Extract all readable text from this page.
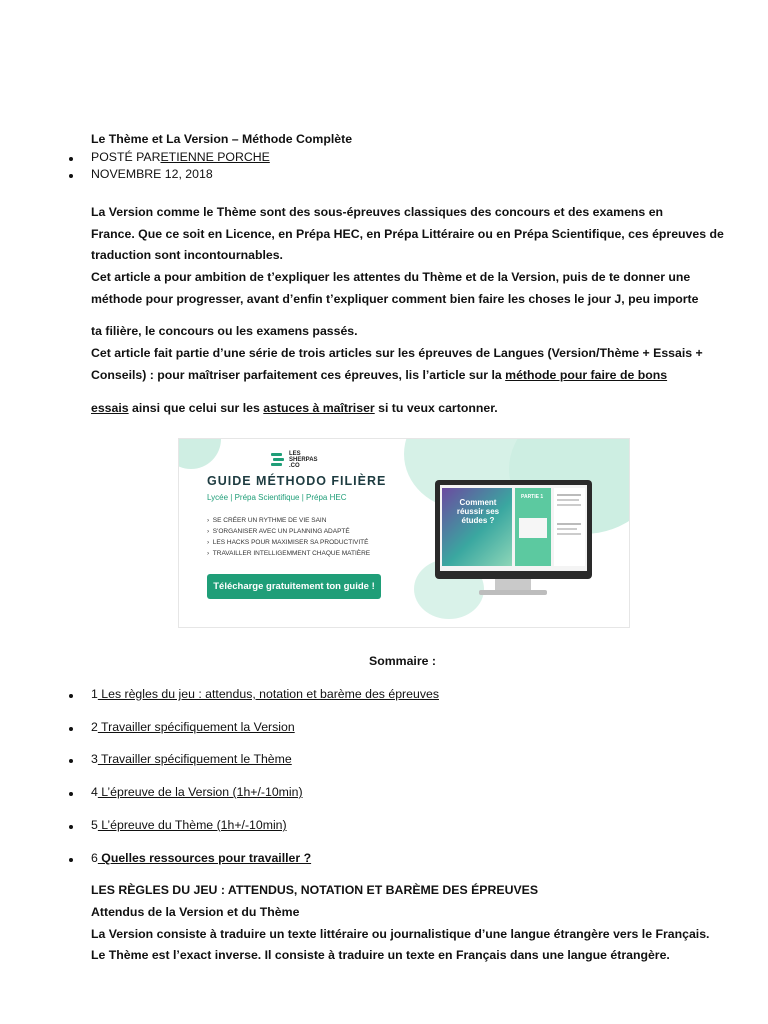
Le Thème et La Version – Méthode Complète
POSTÉ PARETIENNE PORCHE
NOVEMBRE 12, 2018
La Version comme le Thème sont des sous-épreuves classiques des concours et des examens en
France. Que ce soit en Licence, en Prépa HEC, en Prépa Littéraire ou en Prépa Scientifique, ces épreuves de
traduction sont incontournables.
Cet article a pour ambition de t’expliquer les attentes du Thème et de la Version, puis de te donner une
méthode pour progresser, avant d’enfin t’expliquer comment bien faire les choses le jour J, peu importe
ta filière, le concours ou les examens passés.
Cet article fait partie d’une série de trois articles sur les épreuves de Langues (Version/Thème + Essais +
Conseils) : pour maîtriser parfaitement ces épreuves, lis l’article sur la méthode pour faire de bons
essais ainsi que celui sur les astuces à maîtriser si tu veux cartonner.
LES SHERPAS .CO
GUIDE MÉTHODO FILIÈRE
Lycée | Prépa Scientifique | Prépa HEC
›  SE CRÉER UN RYTHME DE VIE SAIN
›  S'ORGANISER AVEC UN PLANNING ADAPTÉ
›  LES HACKS POUR MAXIMISER SA PRODUCTIVITÉ
›  TRAVAILLER INTELLIGEMMENT CHAQUE MATIÈRE
Télécharge gratuitement ton guide !
Comment réussir ses études ?
PARTIE 1
Sommaire :
1 Les règles du jeu : attendus, notation et barème des épreuves
2 Travailler spécifiquement la Version
3 Travailler spécifiquement le Thème
4 L’épreuve de la Version (1h+/-10min)
5 L’épreuve du Thème (1h+/-10min)
6 Quelles ressources pour travailler ?
LES RÈGLES DU JEU : ATTENDUS, NOTATION ET BARÈME DES ÉPREUVES
Attendus de la Version et du Thème
La Version consiste à traduire un texte littéraire ou journalistique d’une langue étrangère vers le Français.
Le Thème est l’exact inverse. Il consiste à traduire un texte en Français dans une langue étrangère.
